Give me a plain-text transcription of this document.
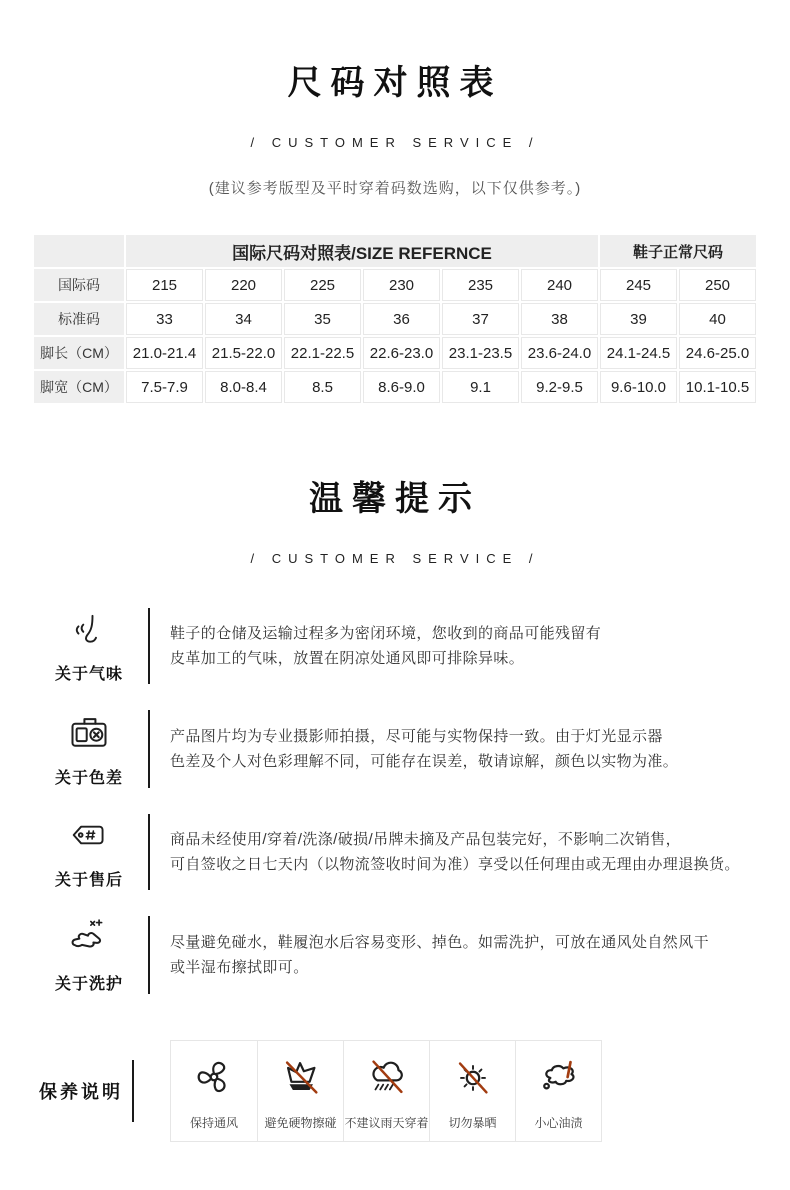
尺码对照表
/ CUSTOMER SERVICE /
(建议参考版型及平时穿着码数选购，以下仅供参考。)
	国际尺码对照表/SIZE REFERNCE						鞋子正常尺码	
国际码	215	220	225	230	235	240	245	250
标准码	33	34	35	36	37	38	39	40
脚长（CM）	21.0-21.4	21.5-22.0	22.1-22.5	22.6-23.0	23.1-23.5	23.6-24.0	24.1-24.5	24.6-25.0
脚宽（CM）	7.5-7.9	8.0-8.4	8.5	8.6-9.0	9.1	9.2-9.5	9.6-10.0	10.1-10.5
温馨提示
/ CUSTOMER SERVICE /
关于气味
鞋子的仓储及运输过程多为密闭环境，您收到的商品可能残留有
皮革加工的气味，放置在阴凉处通风即可排除异味。
关于色差
产品图片均为专业摄影师拍摄，尽可能与实物保持一致。由于灯光显示器
色差及个人对色彩理解不同，可能存在误差，敬请谅解，颜色以实物为准。
关于售后
商品未经使用/穿着/洗涤/破损/吊牌未摘及产品包装完好，不影响二次销售，
可自签收之日七天内（以物流签收时间为准）享受以任何理由或无理由办理退换货。
关于洗护
尽量避免碰水，鞋履泡水后容易变形、掉色。如需洗护，可放在通风处自然风干
或半湿布擦拭即可。
保养说明
保持通风 避免硬物擦碰 不建议雨天穿着 切勿暴晒	小心油渍
